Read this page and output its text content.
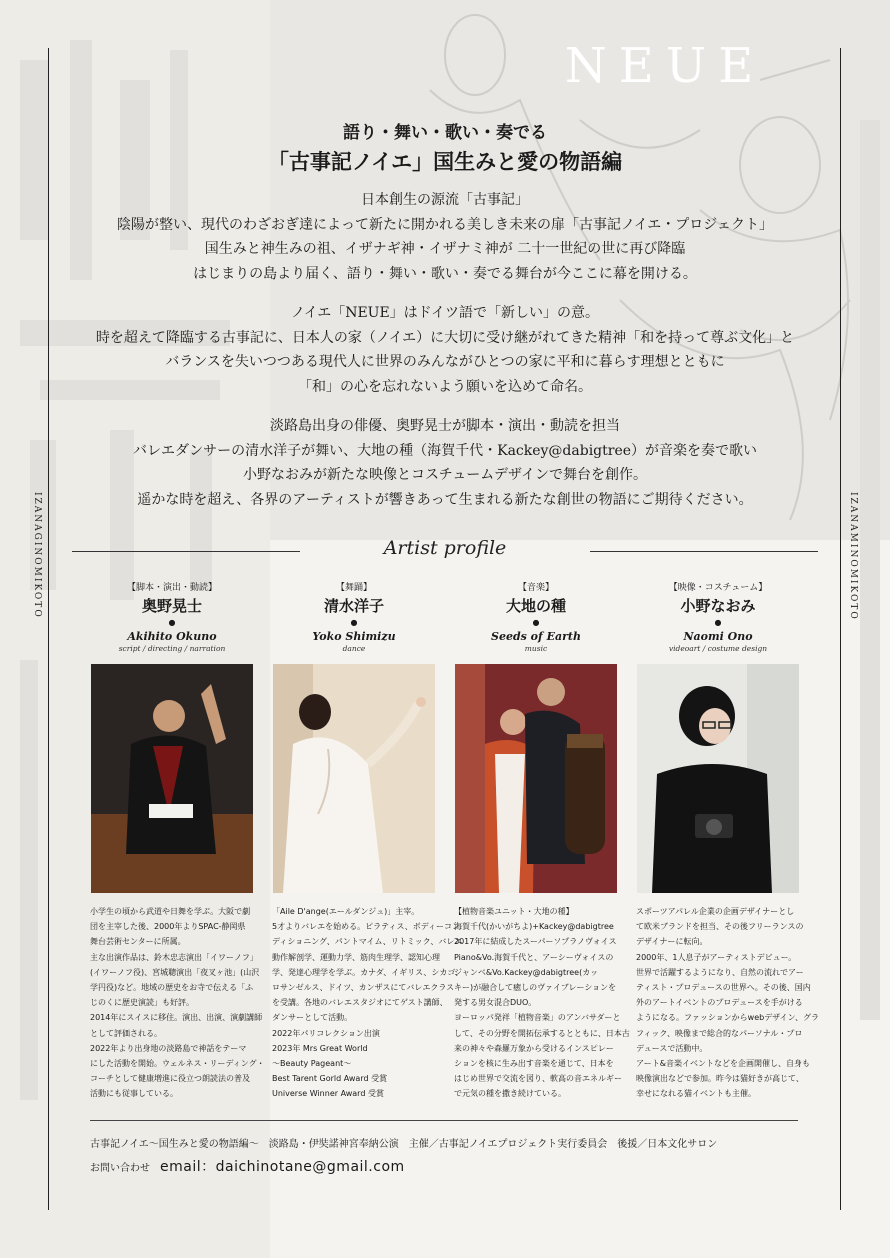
IZANAGINOMIKOTO	IZANAMINOMIKOTO
NEUE
語り・舞い・歌い・奏でる
「古事記ノイエ」国生みと愛の物語編
日本創生の源流「古事記」
陰陽が整い、現代のわざおぎ達によって新たに開かれる美しき未来の扉「古事記ノイエ・プロジェクト」
国生みと神生みの祖、イザナギ神・イザナミ神が 二十一世紀の世に再び降臨
はじまりの島より届く、語り・舞い・歌い・奏でる舞台が今ここに幕を開ける。
ノイエ「NEUE」はドイツ語で「新しい」の意。
時を超えて降臨する古事記に、日本人の家（ノイエ）に大切に受け継がれてきた精神「和を持って尊ぶ文化」と
バランスを失いつつある現代人に世界のみんながひとつの家に平和に暮らす理想とともに
「和」の心を忘れないよう願いを込めて命名。
淡路島出身の俳優、奥野晃士が脚本・演出・動読を担当
バレエダンサーの清水洋子が舞い、大地の種（海賀千代・Kackey@dabigtree）が音楽を奏で歌い
小野なおみが新たな映像とコスチュームデザインで舞台を創作。
遥かな時を超え、各界のアーティストが響きあって生まれる新たな創世の物語にご期待ください。
Artist profile
【脚本・演出・動読】
奥野晃士
●
Akihito Okuno
script / directing / narration
【舞踊】
清水洋子
●
Yoko Shimizu
dance
【音楽】
大地の種
●
Seeds of Earth
music
【映像・コスチューム】
小野なおみ
●
Naomi Ono
videoart / costume design
小学生の頃から武道や日舞を学ぶ。大阪で劇
団を主宰した後、2000年よりSPAC-静岡県
舞台芸術センターに所属。
主な出演作品は、鈴木忠志演出「イワーノフ」
(イワーノフ役)、宮城聰演出「夜叉ヶ池」(山沢
学円役)など。地域の歴史をお寺で伝える「ふ
じのくに歴史演読」も好評。
2014年にスイスに移住。演出、出演、演劇講師
として評価される。
2022年より出身地の淡路島で神話をテーマ
にした活動を開始。ウェルネス・リーディング・
コーチとして健康増進に役立つ朗読法の普及
活動にも従事している。
「Aile D'ange(エールダンジュ)」主宰。
5才よりバレエを始める。ピラティス、ボディーコン
ディショニング、パントマイム、リトミック、バレエ
動作解剖学、運動力学、筋肉生理学、認知心理
学、発達心理学を学ぶ。カナダ、イギリス、シカゴ、
ロサンゼルス、ドイツ、カンザスにてバレエクラス
を受講。各地のバレエスタジオにてゲスト講師、
ダンサーとして活動。
2022年パリコレクション出演
2023年 Mrs Great World
〜Beauty Pageant〜
Best Tarent Gorld Award 受賞
Universe Winner Award 受賞
【植物音楽ユニット・大地の種】
海賀千代(かいがちよ)+Kackey@dabigtree
2017年に結成したスーパーソプラノヴォイス
Piano&Vo.海賀千代と、アーシーヴォイスの
ジャンベ&Vo.Kackey@dabigtree(カッ
キー)が融合して癒しのヴァイブレーションを
発する男女混合DUO。
ヨーロッパ発祥「植物音楽」のアンバサダーと
して、その分野を開拓伝承するとともに、日本古
来の神々や森羅万象から受けるインスピレー
ションを核に生み出す音楽を通じて、日本を
はじめ世界で交流を図り、軟高の音エネルギー
で元気の種を撒き続けている。
スポーツアパレル企業の企画デザイナーとし
て欧米ブランドを担当、その後フリーランスの
デザイナーに転向。
2000年、1人息子がアーティストデビュー。
世界で活躍するようになり、自然の流れでアー
ティスト・プロデュースの世界へ。その後、国内
外のアートイベントのプロデュースを手がける
ようになる。ファッションからwebデザイン、グラ
フィック、映像まで総合的なパーソナル・プロ
デュースで活動中。
アート&音楽イベントなどを企画開催し、自身も
映像演出などで参加。昨今は猫好きが高じて、
幸せになれる猫イベントも主催。
古事記ノイエ〜国生みと愛の物語編〜　淡路島・伊奘諾神宮奉納公演　主催／古事記ノイエプロジェクト実行委員会　後援／日本文化サロン
お問い合わせ email：daichinotane@gmail.com
